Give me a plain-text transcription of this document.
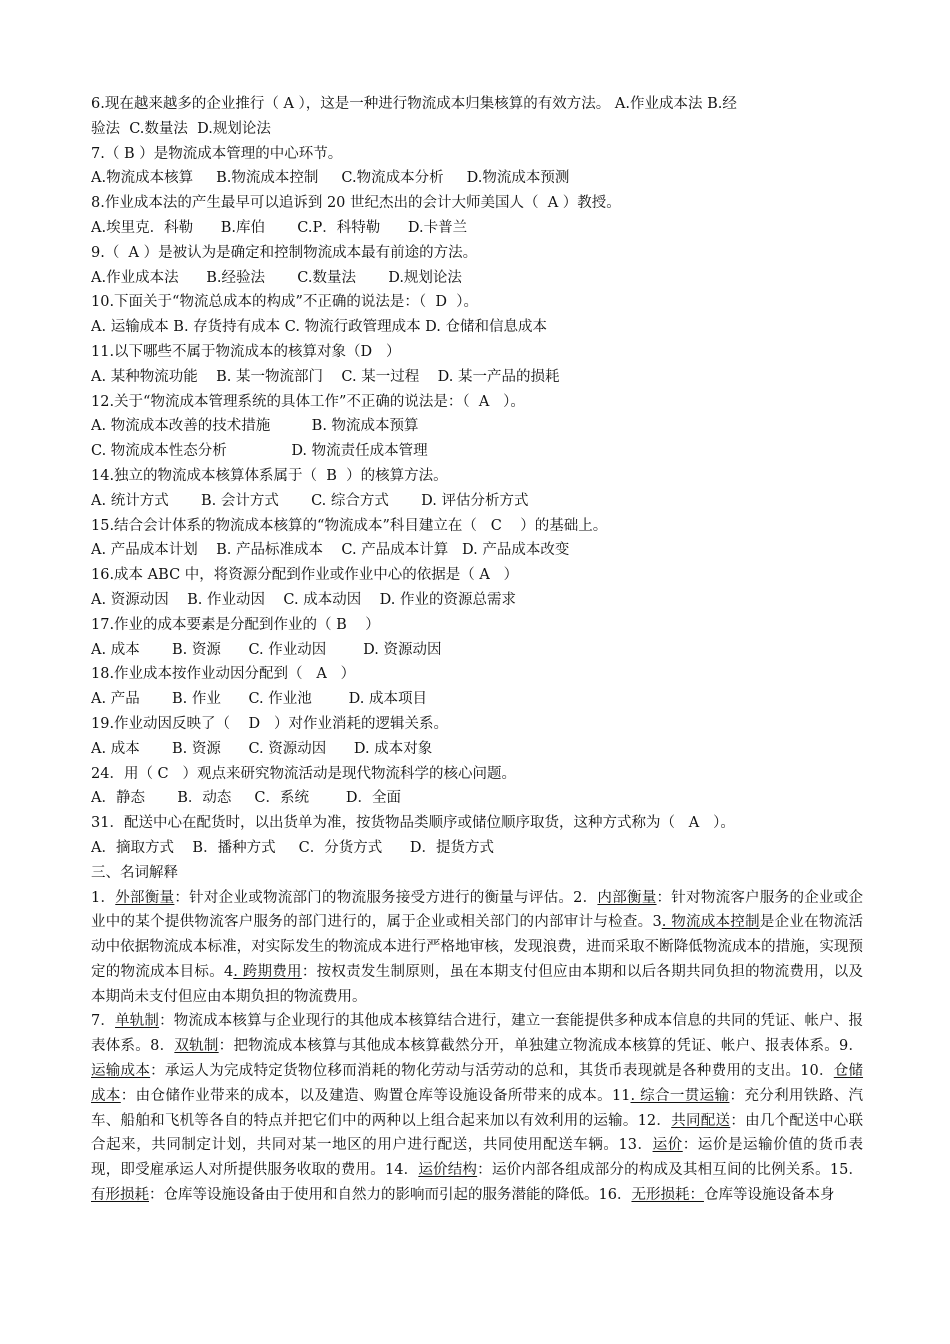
6.现在越来越多的企业推行（ A ），这是一种进行物流成本归集核算的有效方法。 A.作业成本法 B.经
验法  C.数量法  D.规划论法
7.（ B ）是物流成本管理的中心环节。
A.物流成本核算     B.物流成本控制     C.物流成本分析     D.物流成本预测
8.作业成本法的产生最早可以追诉到 20 世纪杰出的会计大师美国人（  A ）教授。
A.埃里克．科勒      B.库伯       C.P．科特勒      D.卡普兰
9.（  A ）是被认为是确定和控制物流成本最有前途的方法。
A.作业成本法      B.经验法       C.数量法       D.规划论法
10.下面关于“物流总成本的构成”不正确的说法是：（  D  ）。
A. 运输成本 B. 存货持有成本 C. 物流行政管理成本 D. 仓储和信息成本
11.以下哪些不属于物流成本的核算对象（D   ）
A. 某种物流功能    B. 某一物流部门    C. 某一过程    D. 某一产品的损耗
12.关于“物流成本管理系统的具体工作”不正确的说法是：（  A   ）。
A. 物流成本改善的技术措施         B. 物流成本预算
C. 物流成本性态分析              D. 物流责任成本管理
14.独立的物流成本核算体系属于（  B  ）的核算方法。
A. 统计方式       B. 会计方式       C. 综合方式       D. 评估分析方式
15.结合会计体系的物流成本核算的“物流成本”科目建立在（   C    ）的基础上。
A. 产品成本计划    B. 产品标准成本    C. 产品成本计算   D. 产品成本改变
16.成本 ABC 中，将资源分配到作业或作业中心的依据是（ A   ）
A. 资源动因    B. 作业动因    C. 成本动因    D. 作业的资源总需求
17.作业的成本要素是分配到作业的（ B    ）
A. 成本       B. 资源      C. 作业动因        D. 资源动因
18.作业成本按作业动因分配到（   A   ）
A. 产品       B. 作业      C. 作业池        D. 成本项目
19.作业动因反映了（    D   ）对作业消耗的逻辑关系。
A. 成本       B. 资源      C. 资源动因      D. 成本对象
24．用（ C   ）观点来研究物流活动是现代物流科学的核心问题。
A．静态       B．动态     C．系统        D．全面
31．配送中心在配货时，以出货单为准，按货物品类顺序或储位顺序取货，这种方式称为（   A   ）。
A．摘取方式    B．播种方式     C．分货方式      D．提货方式
三、名词解释
1．外部衡量：针对企业或物流部门的物流服务接受方进行的衡量与评估。2．内部衡量：针对物流客户服务的企业或企业中的某个提供物流客户服务的部门进行的，属于企业或相关部门的内部审计与检查。3. 物流成本控制是企业在物流活动中依据物流成本标准，对实际发生的物流成本进行严格地审核，发现浪费，进而采取不断降低物流成本的措施，实现预定的物流成本目标。4. 跨期费用：按权责发生制原则，虽在本期支付但应由本期和以后各期共同负担的物流费用，以及本期尚未支付但应由本期负担的物流费用。
7．单轨制：物流成本核算与企业现行的其他成本核算结合进行，建立一套能提供多种成本信息的共同的凭证、帐户、报表体系。8．双轨制：把物流成本核算与其他成本核算截然分开，单独建立物流成本核算的凭证、帐户、报表体系。9．运输成本：承运人为完成特定货物位移而消耗的物化劳动与活劳动的总和，其货币表现就是各种费用的支出。10．仓储成本：由仓储作业带来的成本，以及建造、购置仓库等设施设备所带来的成本。11. 综合一贯运输：充分利用铁路、汽车、船舶和飞机等各自的特点并把它们中的两种以上组合起来加以有效利用的运输。12．共同配送：由几个配送中心联合起来，共同制定计划，共同对某一地区的用户进行配送，共同使用配送车辆。13．运价：运价是运输价值的货币表现，即受雇承运人对所提供服务收取的费用。14．运价结构：运价内部各组成部分的构成及其相互间的比例关系。15．有形损耗：仓库等设施设备由于使用和自然力的影响而引起的服务潜能的降低。16．无形损耗：仓库等设施设备本身
